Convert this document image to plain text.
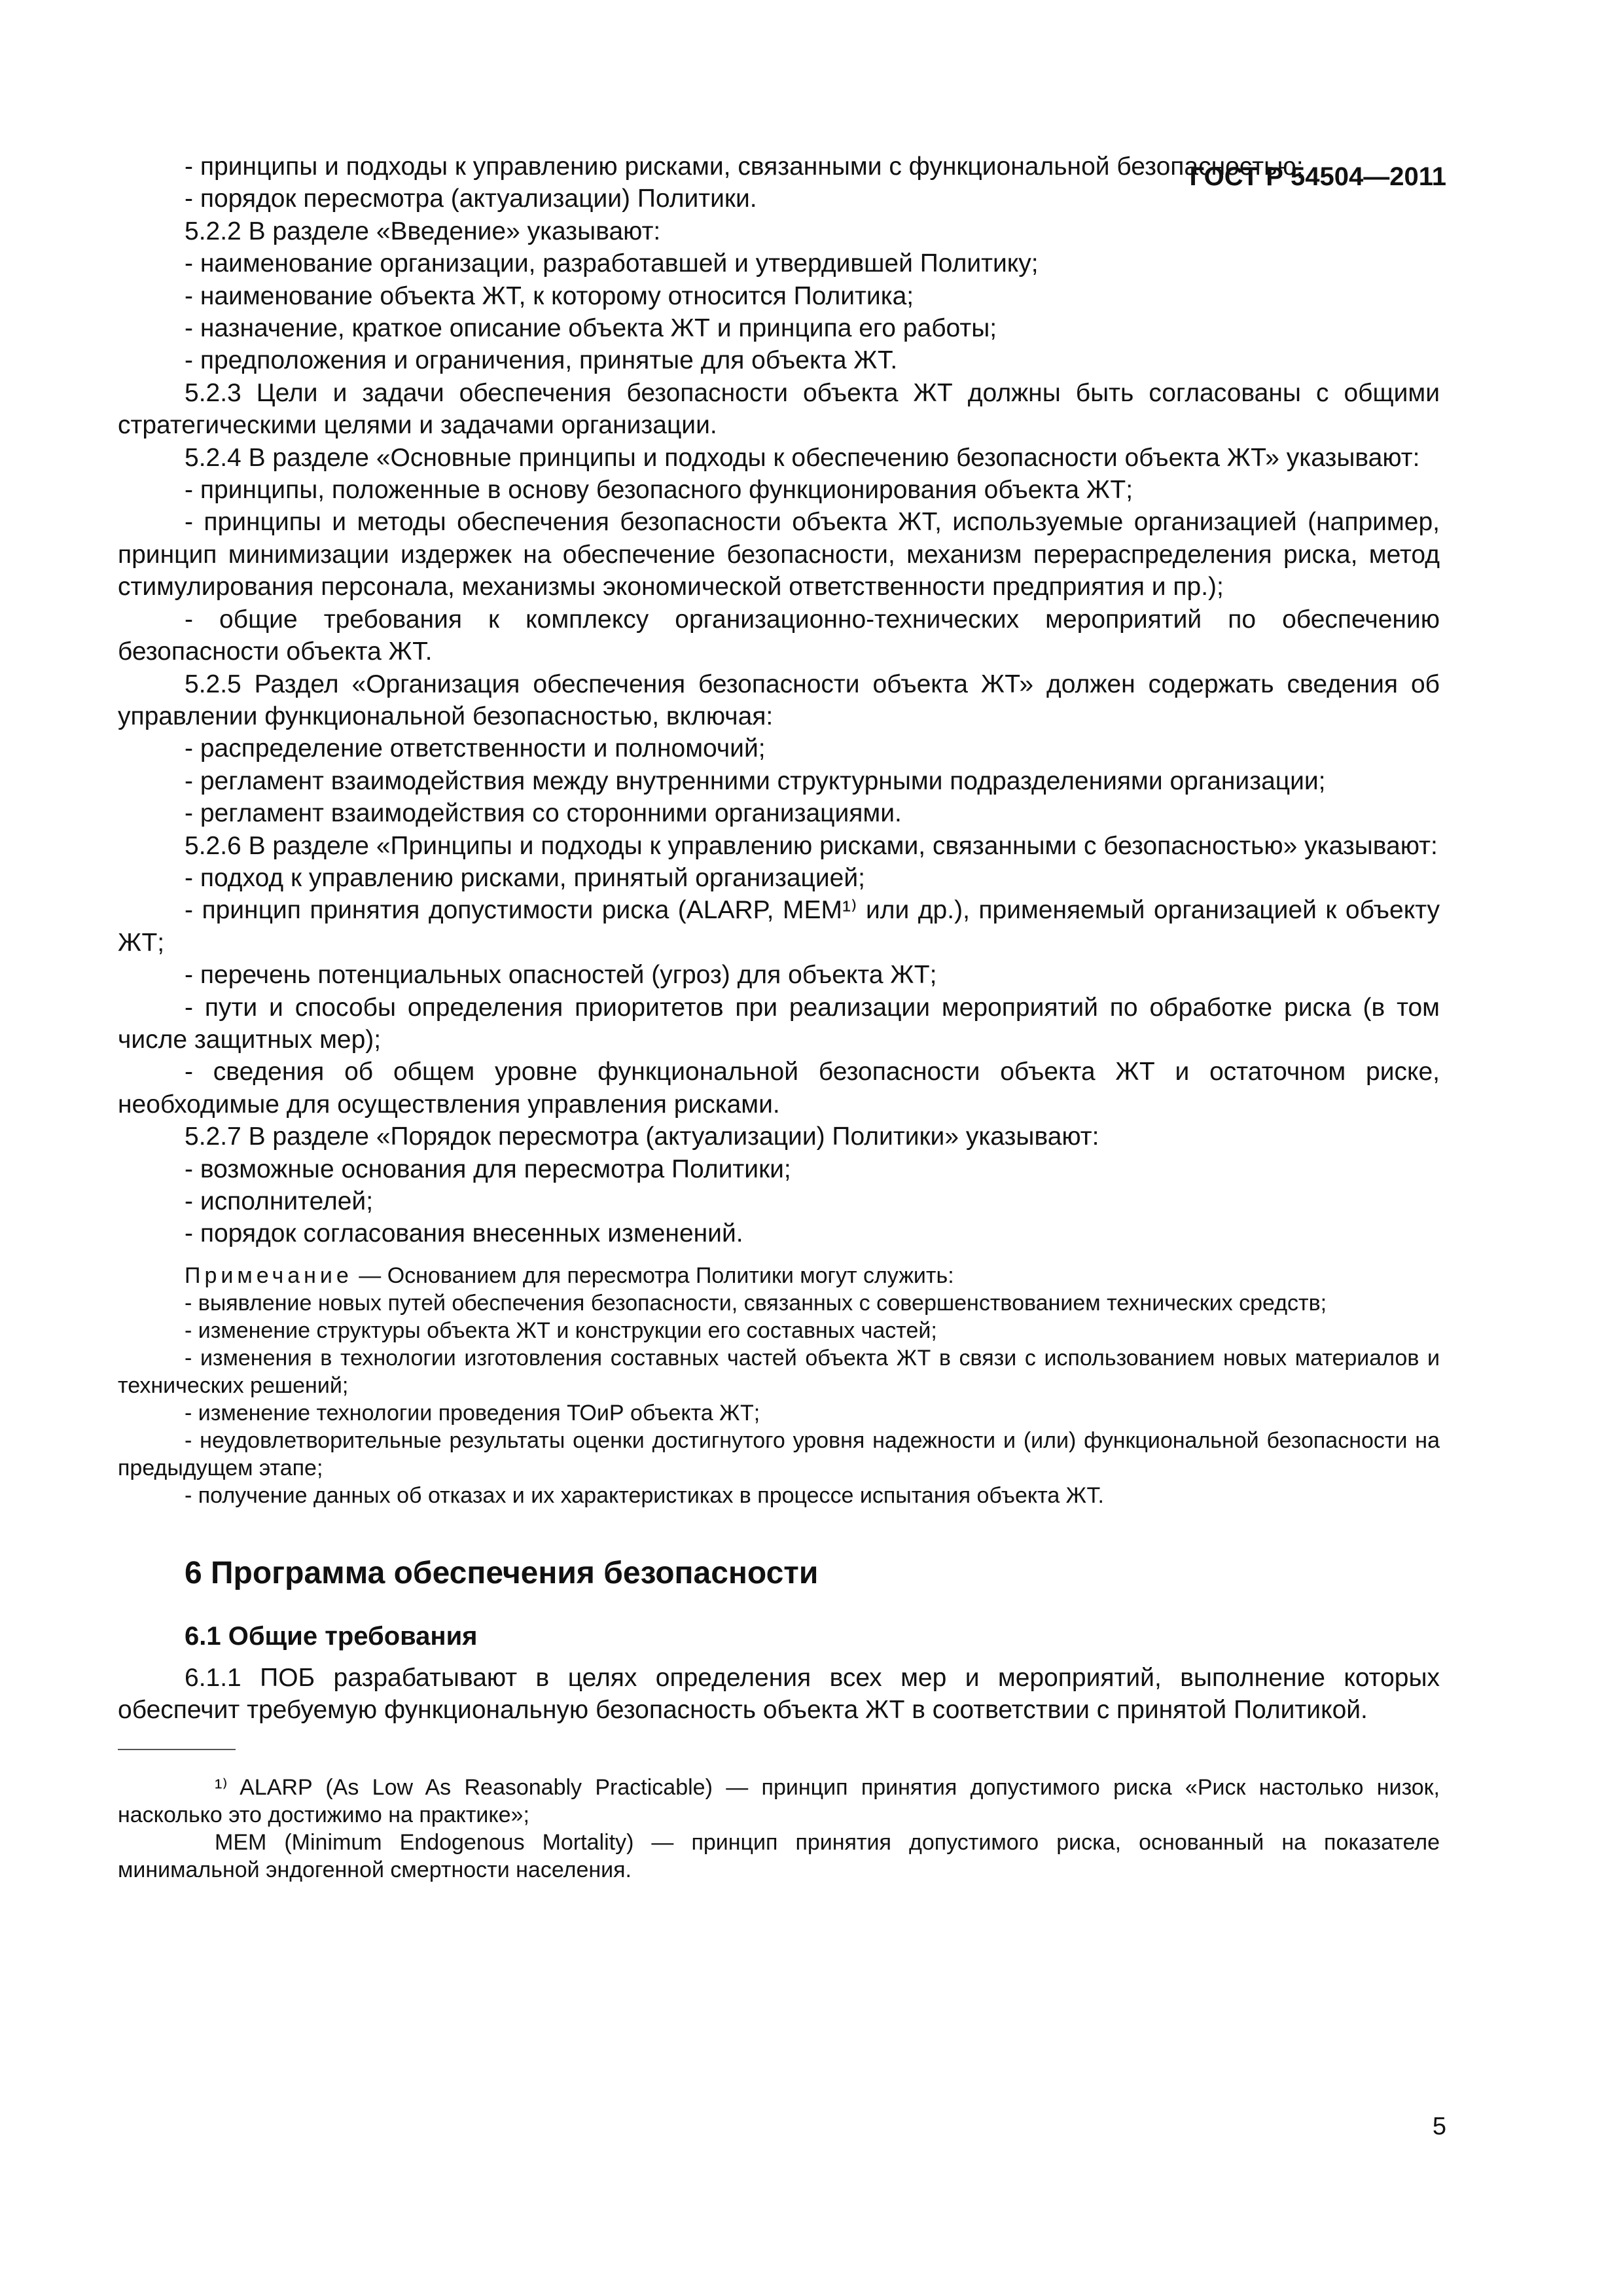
ГОСТ Р 54504—2011

- принципы и подходы к управлению рисками, связанными с функциональной безопасностью;

- порядок пересмотра (актуализации) Политики.

5.2.2 В разделе «Введение» указывают:

- наименование организации, разработавшей и утвердившей Политику;

- наименование объекта ЖТ, к которому относится Политика;

- назначение, краткое описание объекта ЖТ и принципа его работы;

- предположения и ограничения, принятые для объекта ЖТ.

5.2.3 Цели и задачи обеспечения безопасности объекта ЖТ должны быть согласованы с общими стратегическими целями и задачами организации.

5.2.4 В разделе «Основные принципы и подходы к обеспечению безопасности объекта ЖТ» указывают:

- принципы, положенные в основу безопасного функционирования объекта ЖТ;

- принципы и методы обеспечения безопасности объекта ЖТ, используемые организацией (например, принцип минимизации издержек на обеспечение безопасности, механизм перераспределения риска, метод стимулирования персонала, механизмы экономической ответственности предприятия и пр.);

- общие требования к комплексу организационно-технических мероприятий по обеспечению безопасности объекта ЖТ.

5.2.5 Раздел «Организация обеспечения безопасности объекта ЖТ» должен содержать сведения об управлении функциональной безопасностью, включая:

- распределение ответственности и полномочий;

- регламент взаимодействия между внутренними структурными подразделениями организации;

- регламент взаимодействия со сторонними организациями.

5.2.6 В разделе «Принципы и подходы к управлению рисками, связанными с безопасностью» указывают:

- подход к управлению рисками, принятый организацией;

- принцип принятия допустимости риска (ALARP, MEM¹⁾ или др.), применяемый организацией к объекту ЖТ;

- перечень потенциальных опасностей (угроз) для объекта ЖТ;

- пути и способы определения приоритетов при реализации мероприятий по обработке риска (в том числе защитных мер);

- сведения об общем уровне функциональной безопасности объекта ЖТ и остаточном риске, необходимые для осуществления управления рисками.

5.2.7 В разделе «Порядок пересмотра (актуализации) Политики» указывают:

- возможные основания для пересмотра Политики;

- исполнителей;

- порядок согласования внесенных изменений.

Примечание — Основанием для пересмотра Политики могут служить:

- выявление новых путей обеспечения безопасности, связанных с совершенствованием технических средств;

- изменение структуры объекта ЖТ и конструкции его составных частей;

- изменения в технологии изготовления составных частей объекта ЖТ в связи с использованием новых материалов и технических решений;

- изменение технологии проведения ТОиР объекта ЖТ;

- неудовлетворительные результаты оценки достигнутого уровня надежности и (или) функциональной безопасности на предыдущем этапе;

- получение данных об отказах и их характеристиках в процессе испытания объекта ЖТ.

6 Программа обеспечения безопасности
6.1 Общие требования

6.1.1 ПОБ разрабатывают в целях определения всех мер и мероприятий, выполнение которых обеспечит требуемую функциональную безопасность объекта ЖТ в соответствии с принятой Политикой.

¹⁾ ALARP (As Low As Reasonably Practicable) — принцип принятия допустимого риска «Риск настолько низок, насколько это достижимо на практике»;

MEM (Minimum Endogenous Mortality) — принцип принятия допустимого риска, основанный на показателе минимальной эндогенной смертности населения.

5
